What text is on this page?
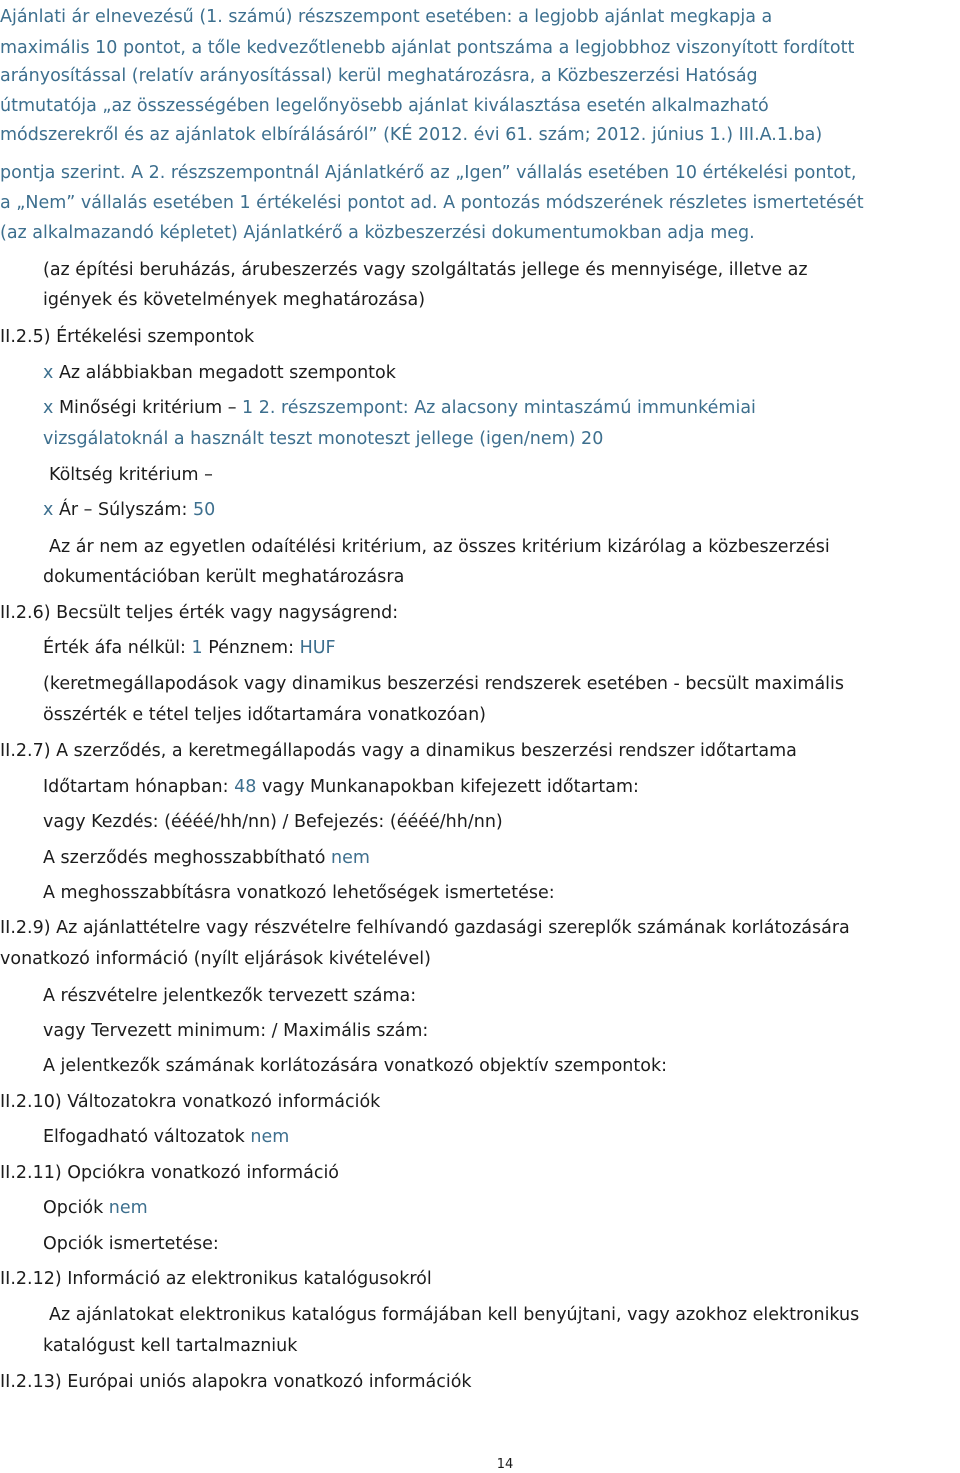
Ajánlati ár elnevezésű (1. számú) részszempont esetében: a legjobb ajánlat megkapja a
maximális 10 pontot, a tőle kedvezőtlenebb ajánlat pontszáma a legjobbhoz viszonyított fordított
arányosítással (relatív arányosítással) kerül meghatározásra, a Közbeszerzési Hatóság
útmutatója „az összességében legelőnyösebb ajánlat kiválasztása esetén alkalmazható
módszerekről és az ajánlatok elbírálásáról” (KÉ 2012. évi 61. szám; 2012. június 1.) III.A.1.ba)
pontja szerint. A 2. részszempontnál Ajánlatkérő az „Igen” vállalás esetében 10 értékelési pontot,
a „Nem” vállalás esetében 1 értékelési pontot ad. A pontozás módszerének részletes ismertetését
(az alkalmazandó képletet) Ajánlatkérő a közbeszerzési dokumentumokban adja meg.
(az építési beruházás, árubeszerzés vagy szolgáltatás jellege és mennyisége, illetve az
igények és követelmények meghatározása)
II.2.5) Értékelési szempontok
x Az alábbiakban megadott szempontok
x Minőségi kritérium – 1 2. részszempont: Az alacsony mintaszámú immunkémiai
vizsgálatoknál a használt teszt monoteszt jellege (igen/nem) 20
Költség kritérium –
x Ár – Súlyszám: 50
Az ár nem az egyetlen odaítélési kritérium, az összes kritérium kizárólag a közbeszerzési
dokumentációban került meghatározásra
II.2.6) Becsült teljes érték vagy nagyságrend:
Érték áfa nélkül: 1 Pénznem: HUF
(keretmegállapodások vagy dinamikus beszerzési rendszerek esetében - becsült maximális
összérték e tétel teljes időtartamára vonatkozóan)
II.2.7) A szerződés, a keretmegállapodás vagy a dinamikus beszerzési rendszer időtartama
Időtartam hónapban: 48 vagy Munkanapokban kifejezett időtartam:
vagy Kezdés: (éééé/hh/nn) / Befejezés: (éééé/hh/nn)
A szerződés meghosszabbítható nem
A meghosszabbításra vonatkozó lehetőségek ismertetése:
II.2.9) Az ajánlattételre vagy részvételre felhívandó gazdasági szereplők számának korlátozására
vonatkozó információ (nyílt eljárások kivételével)
A részvételre jelentkezők tervezett száma:
vagy Tervezett minimum: / Maximális szám:
A jelentkezők számának korlátozására vonatkozó objektív szempontok:
II.2.10) Változatokra vonatkozó információk
Elfogadható változatok nem
II.2.11) Opciókra vonatkozó információ
Opciók nem
Opciók ismertetése:
II.2.12) Információ az elektronikus katalógusokról
Az ajánlatokat elektronikus katalógus formájában kell benyújtani, vagy azokhoz elektronikus
katalógust kell tartalmazniuk
II.2.13) Európai uniós alapokra vonatkozó információk
14
